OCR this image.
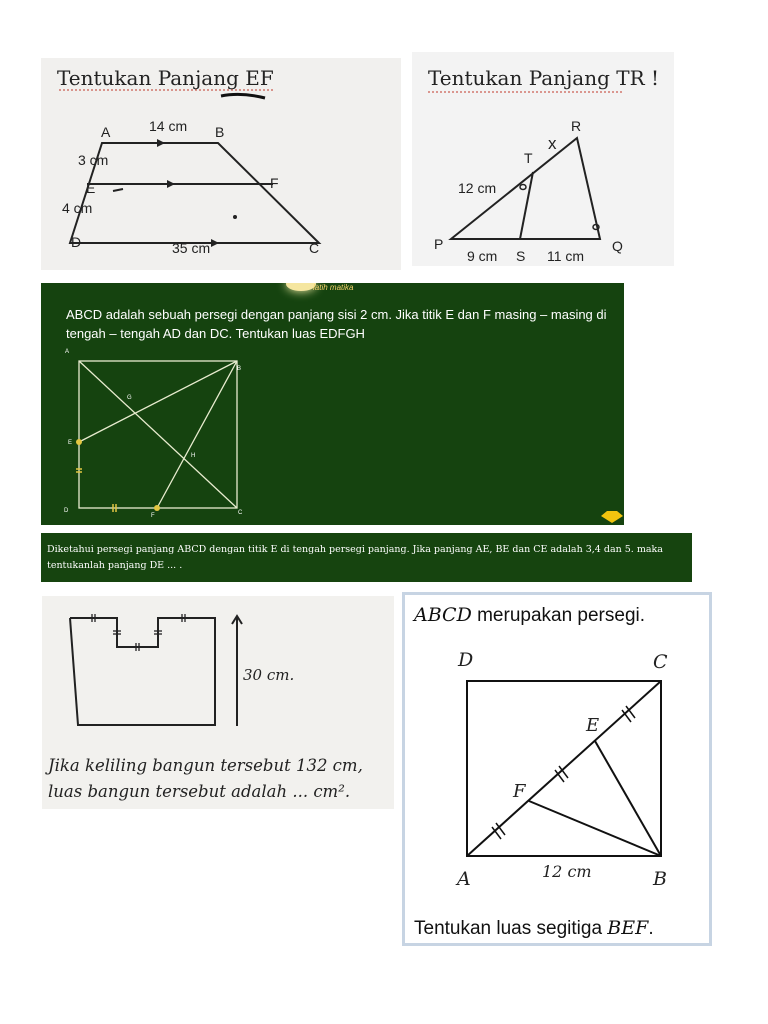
Tentukan Panjang EF
A	14 cm B
3 cm
E	F
4 cm
D	35 cm	C
Tentukan Panjang TR !
R
x
T
12 cm
P
9 cm S 11 cm
Q
latih matika
ABCD adalah sebuah persegi dengan panjang sisi 2 cm. Jika titik E dan F masing – masing di tengah – tengah AD dan DC. Tentukan luas EDFGH
A
B
G
E
H
D
F	C
Diketahui persegi panjang ABCD dengan titik E di tengah persegi panjang. Jika panjang AE, BE dan CE adalah 3,4 dan 5. maka tentukanlah panjang DE ... .
30 cm.
Jika keliling bangun tersebut 132 cm,
luas bangun tersebut adalah ... cm².
ABCD merupakan persegi.
D	C
E
F
A	12 cm	B
Tentukan luas segitiga BEF.
